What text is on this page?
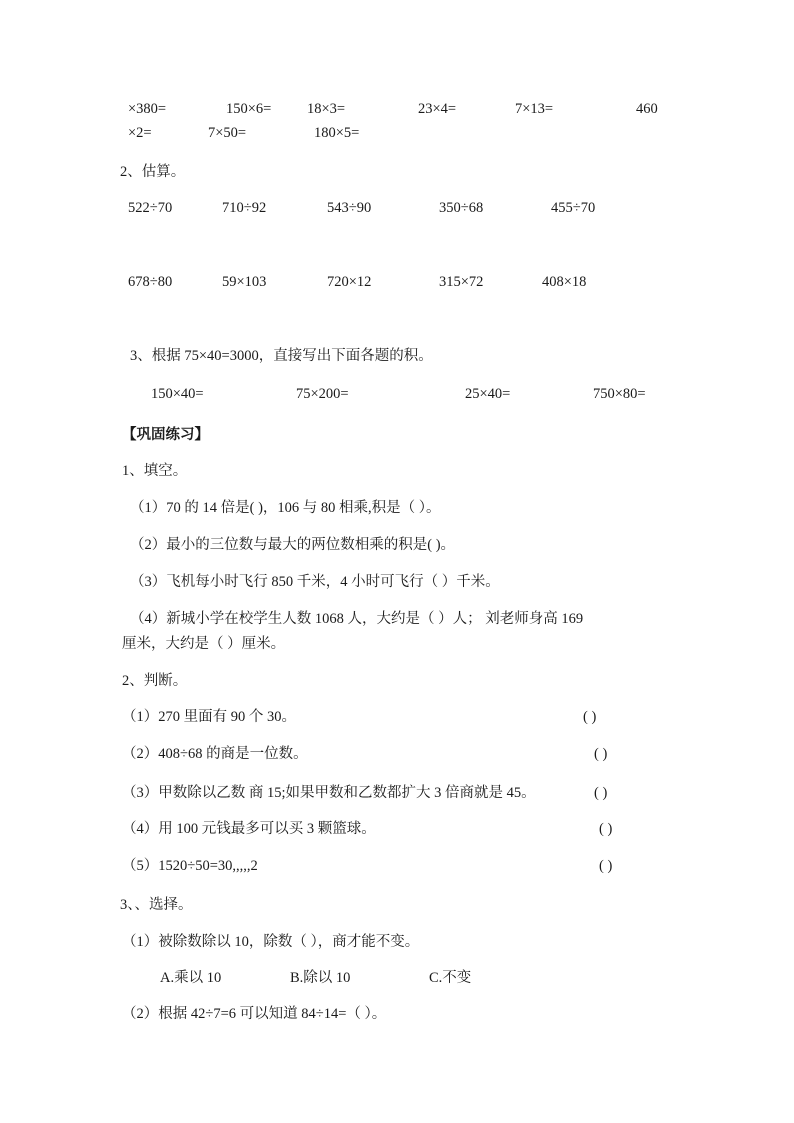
×380=	150×6= 18×3=	23×4=	7×13=	460
×2=	7×50=	180×5=
2、估算。
522÷70	710÷92	543÷90	350÷68	455÷70
678÷80	59×103	720×12	315×72	408×18
3、根据 75×40=3000，直接写出下面各题的积。
150×40=	75×200=	25×40=	750×80=
【巩固练习】
1、填空。
（1）70 的 14 倍是( )，106 与 80 相乘,积是（ ）。
（2）最小的三位数与最大的两位数相乘的积是( )。
（3）飞机每小时飞行 850 千米，4 小时可飞行（ ）千米。
（4）新城小学在校学生人数 1068 人，大约是（ ）人； 刘老师身高 169
厘米，大约是（ ）厘米。
2、判断。
（1）270 里面有 90 个 30。	( )
（2）408÷68 的商是一位数。	( )
（3）甲数除以乙数 商 15;如果甲数和乙数都扩大 3 倍商就是 45。	( )
（4）用 100 元钱最多可以买 3 颗篮球。	( )
（5）1520÷50=30,,,,,2	( )
3、、选择。
（1）被除数除以 10，除数（ ），商才能不变。
A.乘以 10	B.除以 10	C.不变
（2）根据 42÷7=6 可以知道 84÷14=（ ）。
